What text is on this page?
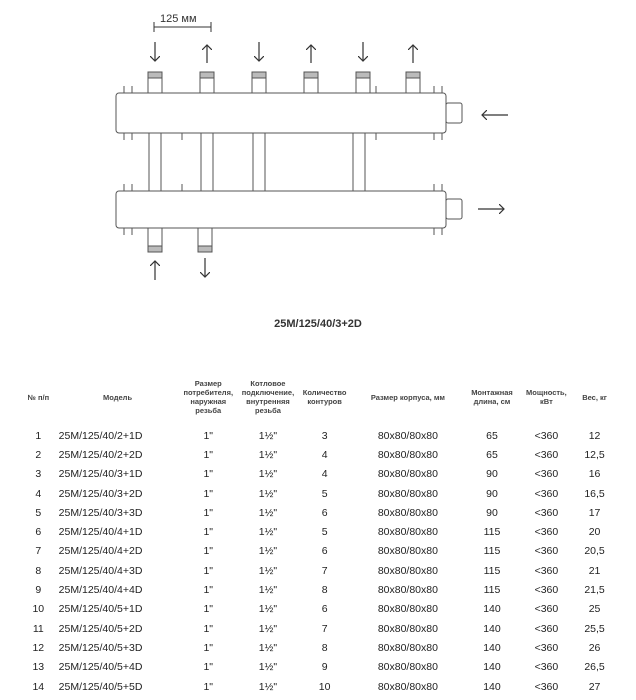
125 мм
25M/125/40/3+2D
№ п/п	Модель	Размер потребителя, наружная резьба	Котловое подключение, внутренняя резьба	Количество контуров	Размер корпуса, мм	Монтажная длина, см	Мощность, кВт	Вес, кг
1	25M/125/40/2+1D	1"	1½"	3	80x80/80x80	65	<360	12
2	25M/125/40/2+2D	1"	1½"	4	80x80/80x80	65	<360	12,5
3	25M/125/40/3+1D	1"	1½"	4	80x80/80x80	90	<360	16
4	25M/125/40/3+2D	1"	1½"	5	80x80/80x80	90	<360	16,5
5	25M/125/40/3+3D	1"	1½"	6	80x80/80x80	90	<360	17
6	25M/125/40/4+1D	1"	1½"	5	80x80/80x80	115	<360	20
7	25M/125/40/4+2D	1"	1½"	6	80x80/80x80	115	<360	20,5
8	25M/125/40/4+3D	1"	1½"	7	80x80/80x80	115	<360	21
9	25M/125/40/4+4D	1"	1½"	8	80x80/80x80	115	<360	21,5
10	25M/125/40/5+1D	1"	1½"	6	80x80/80x80	140	<360	25
11	25M/125/40/5+2D	1"	1½"	7	80x80/80x80	140	<360	25,5
12	25M/125/40/5+3D	1"	1½"	8	80x80/80x80	140	<360	26
13	25M/125/40/5+4D	1"	1½"	9	80x80/80x80	140	<360	26,5
14	25M/125/40/5+5D	1"	1½"	10	80x80/80x80	140	<360	27
